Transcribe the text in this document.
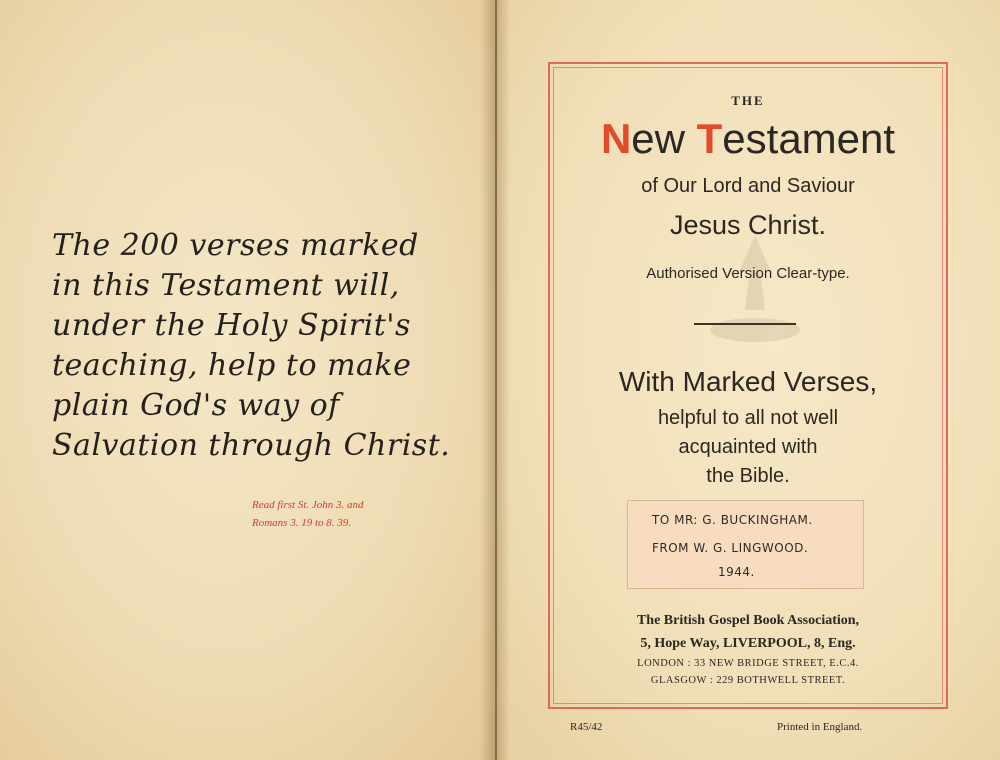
The 200 verses marked
in this Testament will,
under the Holy Spirit's
teaching, help to make
plain God's way of
Salvation through Christ.
Read first St. John 3. and
Romans 3. 19 to 8. 39.
THE
New Testament
of Our Lord and Saviour
Jesus Christ.
Authorised Version Clear-type.
With Marked Verses,
helpful to all not well
acquainted with
the Bible.
TO MR: G. BUCKINGHAM.
FROM W. G. LINGWOOD.
1944.
The British Gospel Book Association,
5, Hope Way, LIVERPOOL, 8, Eng.
LONDON : 33 NEW BRIDGE STREET, E.C.4.
GLASGOW : 229 BOTHWELL STREET.
R45/42	Printed in England.
